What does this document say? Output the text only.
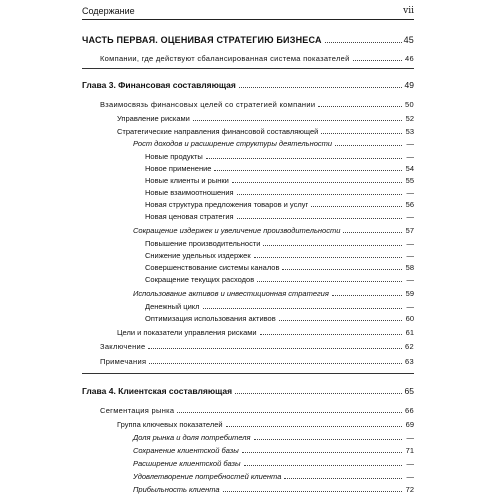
Содержание	vii
ЧАСТЬ ПЕРВАЯ. ОЦЕНИВАЯ СТРАТЕГИЮ БИЗНЕСА	45
Компании, где действуют сбалансированная система показателей	46
Глава 3. Финансовая составляющая	49
Взаимосвязь финансовых целей со стратегией компании	50
Управление рисками	52
Стратегические направления финансовой составляющей	53
Рост доходов и расширение структуры деятельности	—
Новые продукты	—
Новое применение	54
Новые клиенты и рынки	55
Новые взаимоотношения	—
Новая структура предложения товаров и услуг	56
Новая ценовая стратегия	—
Сокращение издержек и увеличение производительности	57
Повышение производительности	—
Снижение удельных издержек	—
Совершенствование системы каналов	58
Сокращение текущих расходов	—
Использование активов и инвестиционная стратегия	59
Денежный цикл	—
Оптимизация использования активов	60
Цели и показатели управления рисками	61
Заключение	62
Примечания	63
Глава 4. Клиентская составляющая	65
Сегментация рынка	66
Группа ключевых показателей	69
Доля рынка и доля потребителя	—
Сохранение клиентской базы	71
Расширение клиентской базы	—
Удовлетворение потребностей клиента	—
Прибыльность клиента	72
